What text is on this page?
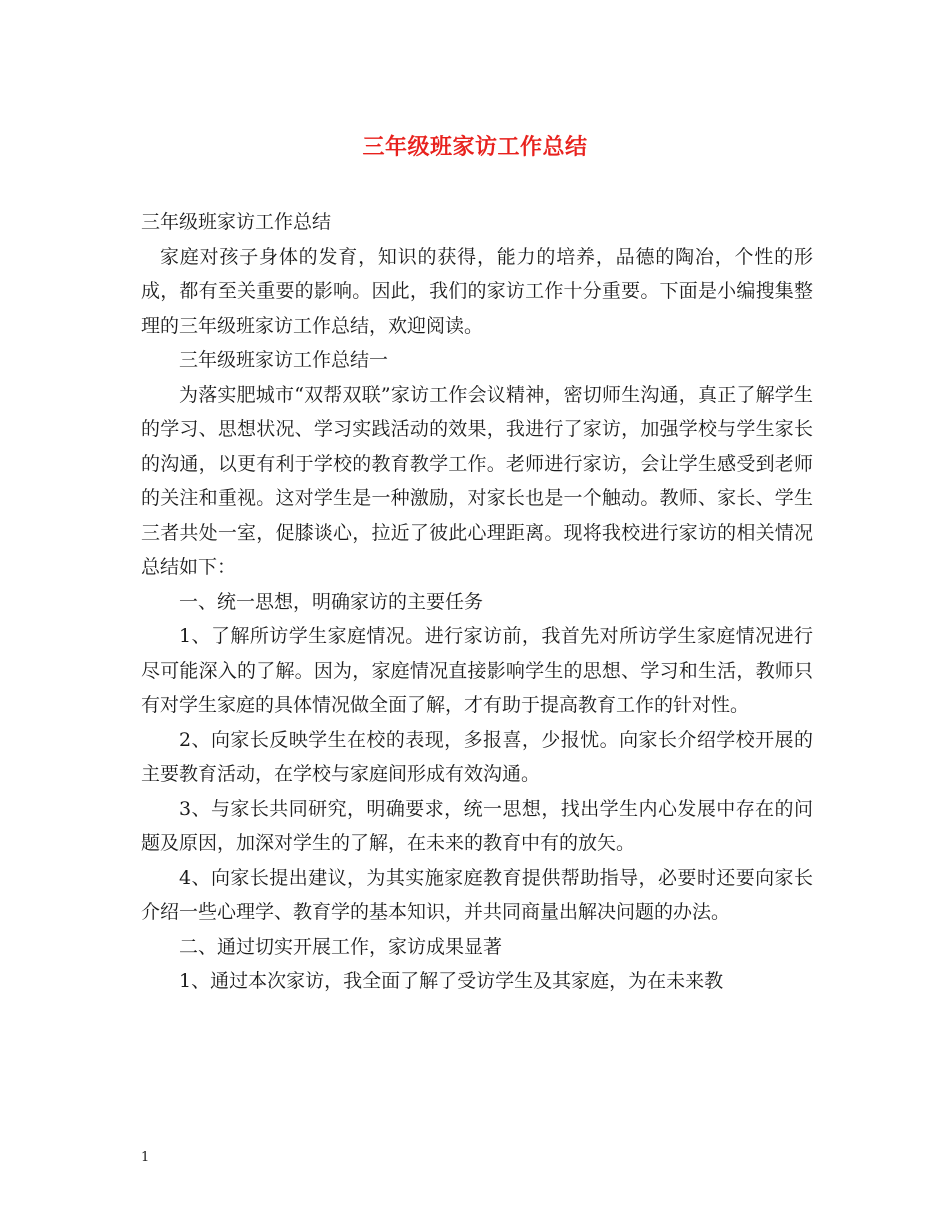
三年级班家访工作总结

三年级班家访工作总结

家庭对孩子身体的发育，知识的获得，能力的培养，品德的陶冶，个性的形成，都有至关重要的影响。因此，我们的家访工作十分重要。下面是小编搜集整理的三年级班家访工作总结，欢迎阅读。

三年级班家访工作总结一

为落实肥城市“双帮双联”家访工作会议精神，密切师生沟通，真正了解学生的学习、思想状况、学习实践活动的效果，我进行了家访，加强学校与学生家长的沟通，以更有利于学校的教育教学工作。老师进行家访，会让学生感受到老师的关注和重视。这对学生是一种激励，对家长也是一个触动。教师、家长、学生三者共处一室，促膝谈心，拉近了彼此心理距离。现将我校进行家访的相关情况总结如下：

一、统一思想，明确家访的主要任务

1、了解所访学生家庭情况。进行家访前，我首先对所访学生家庭情况进行尽可能深入的了解。因为，家庭情况直接影响学生的思想、学习和生活，教师只有对学生家庭的具体情况做全面了解，才有助于提高教育工作的针对性。

2、向家长反映学生在校的表现，多报喜，少报忧。向家长介绍学校开展的主要教育活动，在学校与家庭间形成有效沟通。

3、与家长共同研究，明确要求，统一思想，找出学生内心发展中存在的问题及原因，加深对学生的了解，在未来的教育中有的放矢。

4、向家长提出建议，为其实施家庭教育提供帮助指导，必要时还要向家长介绍一些心理学、教育学的基本知识，并共同商量出解决问题的办法。

二、通过切实开展工作，家访成果显著

1、通过本次家访，我全面了解了受访学生及其家庭，为在未来教

1
